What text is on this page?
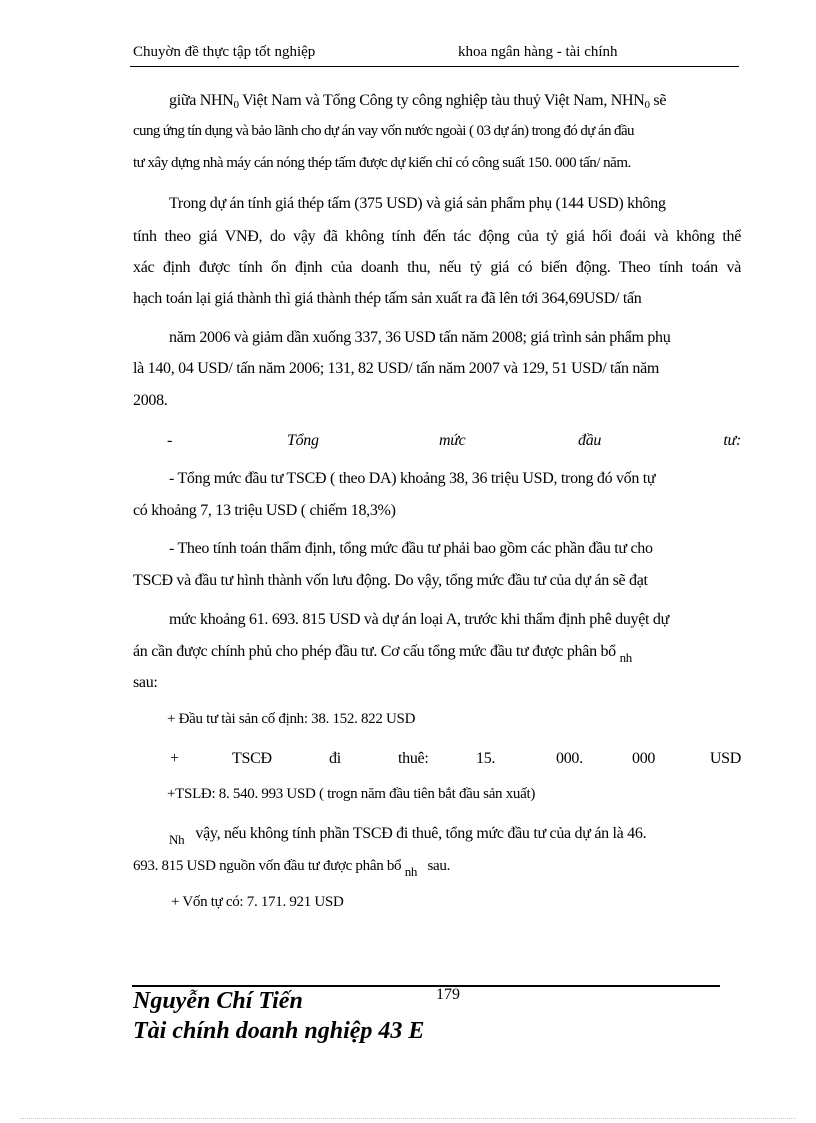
Chuyờn đề thực tập tốt nghiệp	khoa ngân hàng - tài chính
giữa $NHN_0$ Việt Nam và Tổng Công ty công nghiệp tàu thuỷ Việt Nam, $NHN_0$ sẽ
cung ứng tín dụng và bảo lãnh cho dự án vay vốn nước ngoài ( 03 dự án) trong đó dự án đầu
tư xây dựng nhà máy cán nóng thép tấm được dự kiến chỉ có công suất 150. 000 tấn/ năm.
Trong dự án tính giá thép tấm (375 USD) và giá sản phẩm phụ (144 USD) không
tính theo giá VNĐ, do vậy đã không tính đến tác động của tỷ giá hối đoái và không thể
xác định được tính ổn định của doanh thu, nếu tỷ giá có biến động. Theo tính toán và
hạch toán lại giá thành thì giá thành thép tấm sản xuất ra đã lên tới 364,69USD/ tấn
năm 2006 và giảm dần xuống 337, 36 USD tấn năm 2008; giá trình sản phẩm phụ
là 140, 04 USD/ tấn năm 2006; 131, 82 USD/ tấn năm 2007 và 129, 51 USD/ tấn năm
2008.
-	Tổng	mức	đầu	tư:
- Tổng mức đầu tư TSCĐ ( theo DA) khoảng 38, 36 triệu USD, trong đó vốn tự
có khoảng 7, 13 triệu USD ( chiếm 18,3%)
- Theo tính toán thẩm định, tổng mức đầu tư phải bao gồm các phần đầu tư cho
TSCĐ và đầu tư hình thành vốn lưu động. Do vậy, tổng mức đầu tư của dự án sẽ đạt
mức khoảng 61. 693. 815 USD và dự án loại A, trước khi thẩm định phê duyệt dự
án cần được chính phủ cho phép đầu tư. Cơ cấu tổng mức đầu tư được phân bổ $_{nh}$
sau:
+ Đầu tư tài sản cố định: 38. 152. 822 USD
+	TSCĐ	đi	thuê:	15.	000.	000	USD
+TSLĐ: 8. 540. 993 USD ( trogn năm đầu tiên bắt đầu sản xuất)
$_{Nh}$ vậy, nếu không tính phần TSCĐ đi thuê, tổng mức đầu tư của dự án là 46.
693. 815 USD nguồn vốn đầu tư được phân bổ nh sau.
+ Vốn tự có: 7. 171. 921 USD
179
Nguyễn Chí Tiến
Tài chính doanh nghiệp 43 E
